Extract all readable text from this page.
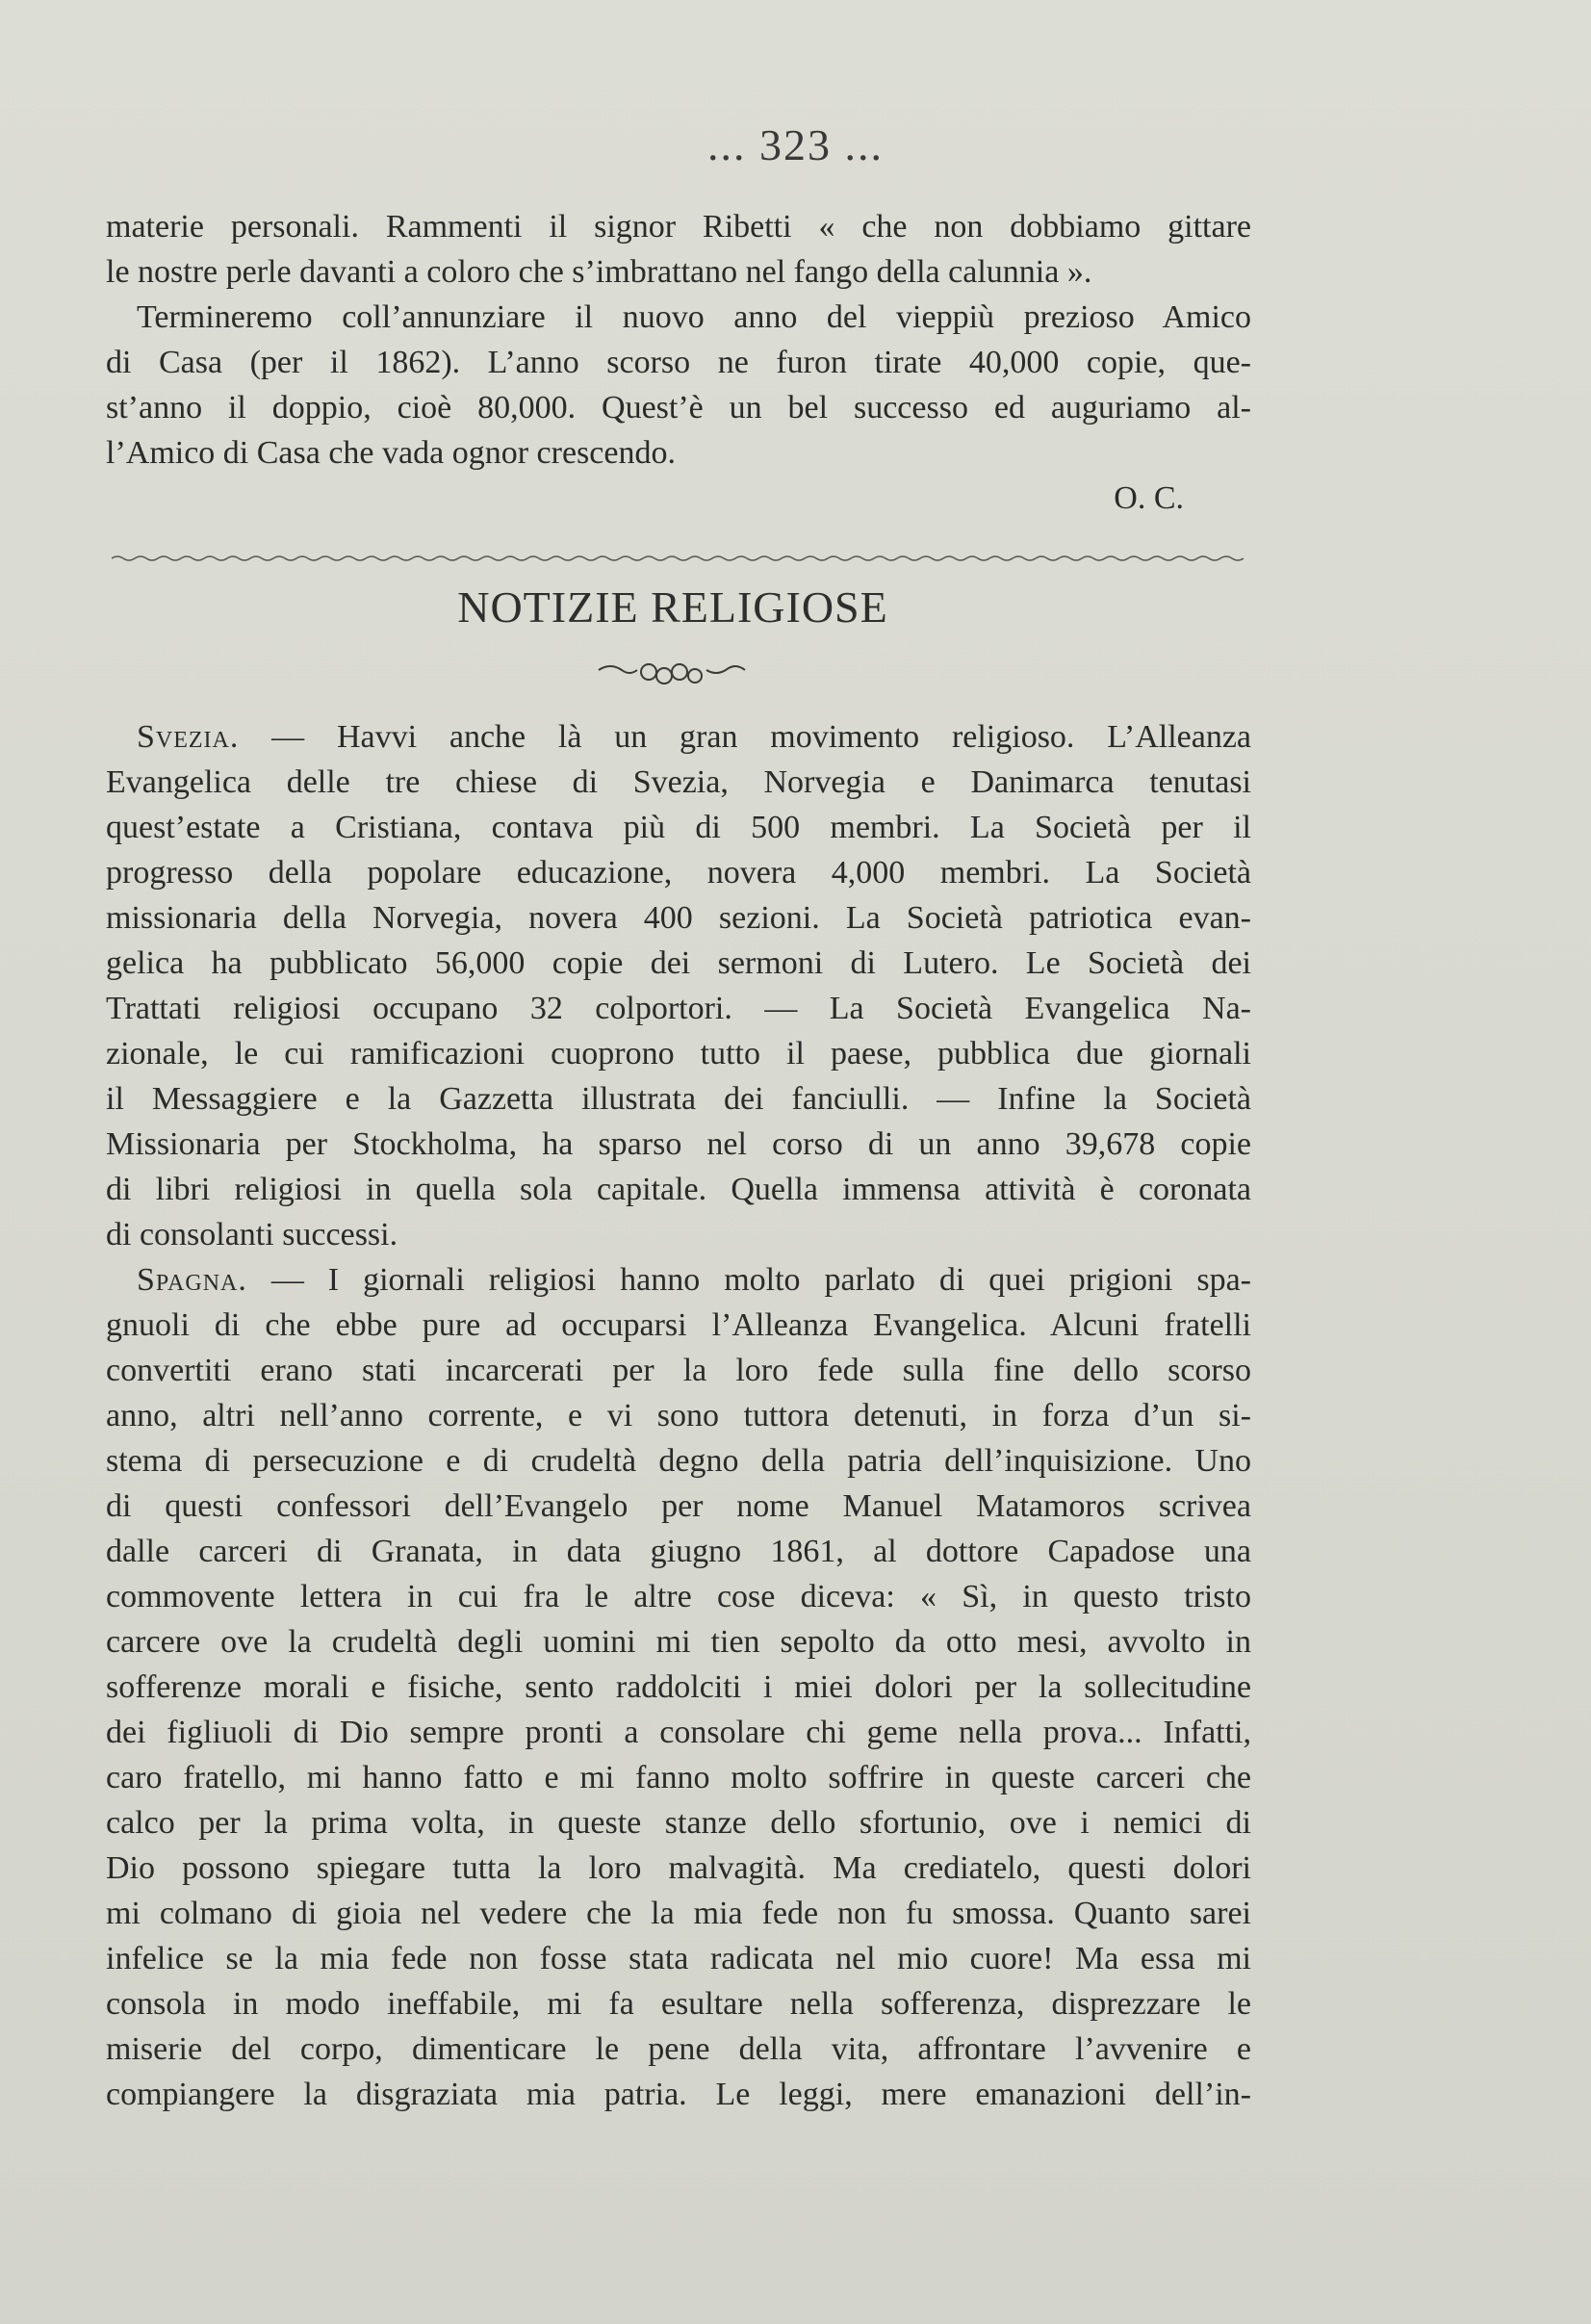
... 323 ...
materie personali. Rammenti il signor Ribetti « che non dobbiamo gittare
le nostre perle davanti a coloro che s’imbrattano nel fango della calunnia ».
Termineremo coll’annunziare il nuovo anno del vieppiù prezioso Amico
di Casa (per il 1862). L’anno scorso ne furon tirate 40,000 copie, que-
st’anno il doppio, cioè 80,000. Quest’è un bel successo ed auguriamo al-
l’Amico di Casa che vada ognor crescendo.
O. C.
NOTIZIE RELIGIOSE
Svezia. — Havvi anche là un gran movimento religioso. L’Alleanza
Evangelica delle tre chiese di Svezia, Norvegia e Danimarca tenutasi
quest’estate a Cristiana, contava più di 500 membri. La Società per il
progresso della popolare educazione, novera 4,000 membri. La Società
missionaria della Norvegia, novera 400 sezioni. La Società patriotica evan-
gelica ha pubblicato 56,000 copie dei sermoni di Lutero. Le Società dei
Trattati religiosi occupano 32 colportori. — La Società Evangelica Na-
zionale, le cui ramificazioni cuoprono tutto il paese, pubblica due giornali
il Messaggiere e la Gazzetta illustrata dei fanciulli. — Infine la Società
Missionaria per Stockholma, ha sparso nel corso di un anno 39,678 copie
di libri religiosi in quella sola capitale. Quella immensa attività è coronata
di consolanti successi.
Spagna. — I giornali religiosi hanno molto parlato di quei prigioni spa-
gnuoli di che ebbe pure ad occuparsi l’Alleanza Evangelica. Alcuni fratelli
convertiti erano stati incarcerati per la loro fede sulla fine dello scorso
anno, altri nell’anno corrente, e vi sono tuttora detenuti, in forza d’un si-
stema di persecuzione e di crudeltà degno della patria dell’inquisizione. Uno
di questi confessori dell’Evangelo per nome Manuel Matamoros scrivea
dalle carceri di Granata, in data giugno 1861, al dottore Capadose una
commovente lettera in cui fra le altre cose diceva: « Sì, in questo tristo
carcere ove la crudeltà degli uomini mi tien sepolto da otto mesi, avvolto in
sofferenze morali e fisiche, sento raddolciti i miei dolori per la sollecitudine
dei figliuoli di Dio sempre pronti a consolare chi geme nella prova... Infatti,
caro fratello, mi hanno fatto e mi fanno molto soffrire in queste carceri che
calco per la prima volta, in queste stanze dello sfortunio, ove i nemici di
Dio possono spiegare tutta la loro malvagità. Ma crediatelo, questi dolori
mi colmano di gioia nel vedere che la mia fede non fu smossa. Quanto sarei
infelice se la mia fede non fosse stata radicata nel mio cuore! Ma essa mi
consola in modo ineffabile, mi fa esultare nella sofferenza, disprezzare le
miserie del corpo, dimenticare le pene della vita, affrontare l’avvenire e
compiangere la disgraziata mia patria. Le leggi, mere emanazioni dell’in-
